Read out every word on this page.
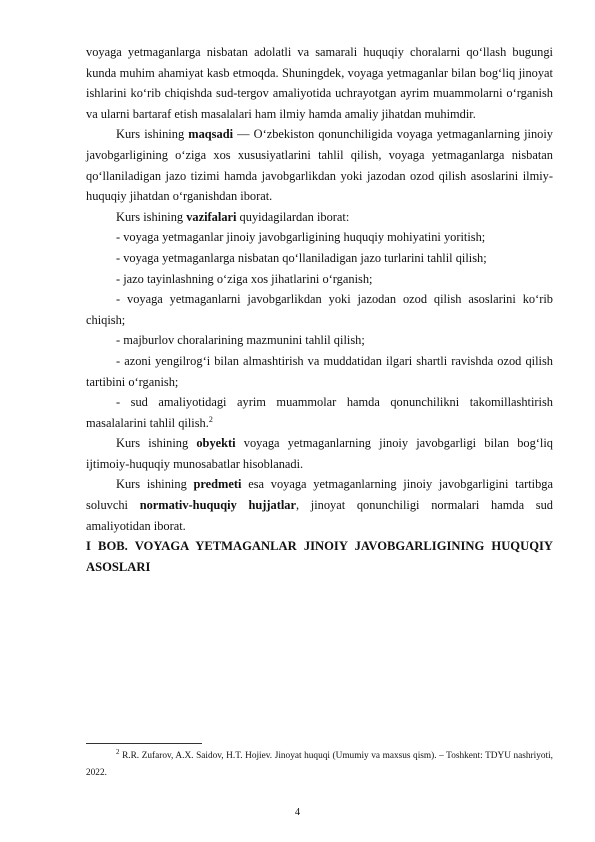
voyaga yetmaganlarga nisbatan adolatli va samarali huquqiy choralarni qo‘llash bugungi kunda muhim ahamiyat kasb etmoqda. Shuningdek, voyaga yetmaganlar bilan bog‘liq jinoyat ishlarini ko‘rib chiqishda sud-tergov amaliyotida uchrayotgan ayrim muammolarni o‘rganish va ularni bartaraf etish masalalari ham ilmiy hamda amaliy jihatdan muhimdir.

Kurs ishining maqsadi — O‘zbekiston qonunchiligida voyaga yetmaganlarning jinoiy javobgarligining o‘ziga xos xususiyatlarini tahlil qilish, voyaga yetmaganlarga nisbatan qo‘llaniladigan jazo tizimi hamda javobgarlikdan yoki jazodan ozod qilish asoslarini ilmiy-huquqiy jihatdan o‘rganishdan iborat.

Kurs ishining vazifalari quyidagilardan iborat:

- voyaga yetmaganlar jinoiy javobgarligining huquqiy mohiyatini yoritish;

- voyaga yetmaganlarga nisbatan qo‘llaniladigan jazo turlarini tahlil qilish;

- jazo tayinlashning o‘ziga xos jihatlarini o‘rganish;

- voyaga yetmaganlarni javobgarlikdan yoki jazodan ozod qilish asoslarini ko‘rib chiqish;

- majburlov choralarining mazmunini tahlil qilish;

- azoni yengilrog‘i bilan almashtirish va muddatidan ilgari shartli ravishda ozod qilish tartibini o‘rganish;

- sud amaliyotidagi ayrim muammolar hamda qonunchilikni takomillashtirish masalalarini tahlil qilish.$^2$

Kurs ishining obyekti voyaga yetmaganlarning jinoiy javobgarligi bilan bog‘liq ijtimoiy-huquqiy munosabatlar hisoblanadi.

Kurs ishining predmeti esa voyaga yetmaganlarning jinoiy javobgarligini tartibga soluvchi normativ-huquqiy hujjatlar, jinoyat qonunchiligi normalari hamda sud amaliyotidan iborat.

I BOB. VOYAGA YETMAGANLAR JINOIY JAVOBGARLIGINING HUQUQIY ASOSLARI

$^2$ R.R. Zufarov, A.X. Saidov, H.T. Hojiev. Jinoyat huquqi (Umumiy va maxsus qism). – Toshkent: TDYU nashriyoti, 2022.
4
